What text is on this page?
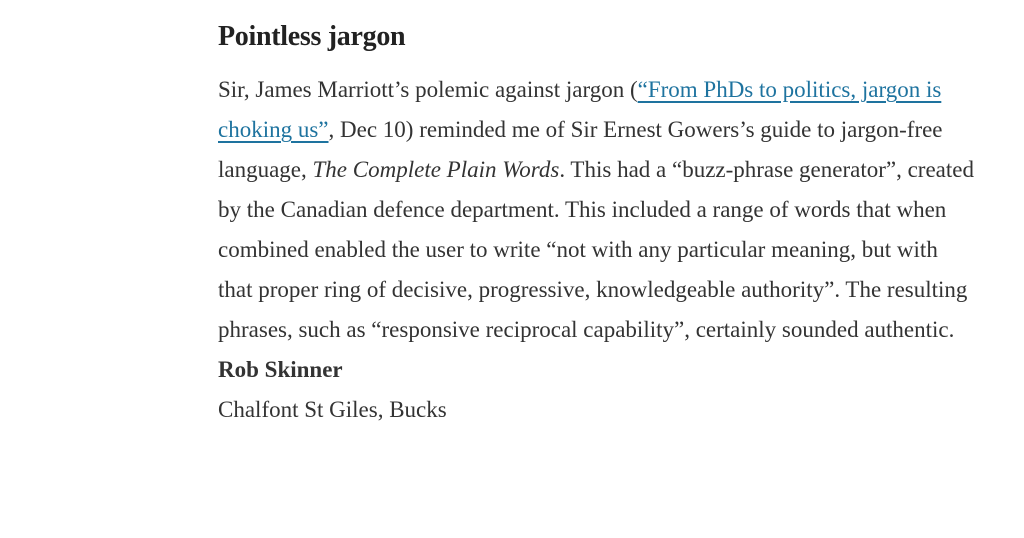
Pointless jargon

Sir, James Marriott’s polemic against jargon (“From PhDs to politics, jargon is choking us”, Dec 10) reminded me of Sir Ernest Gowers’s guide to jargon-free language, The Complete Plain Words. This had a “buzz-phrase generator”, created by the Canadian defence department. This included a range of words that when combined enabled the user to write “not with any particular meaning, but with that proper ring of decisive, progressive, knowledgeable authority”. The resulting phrases, such as “responsive reciprocal capability”, certainly sounded authentic.

Rob Skinner
Chalfont St Giles, Bucks
